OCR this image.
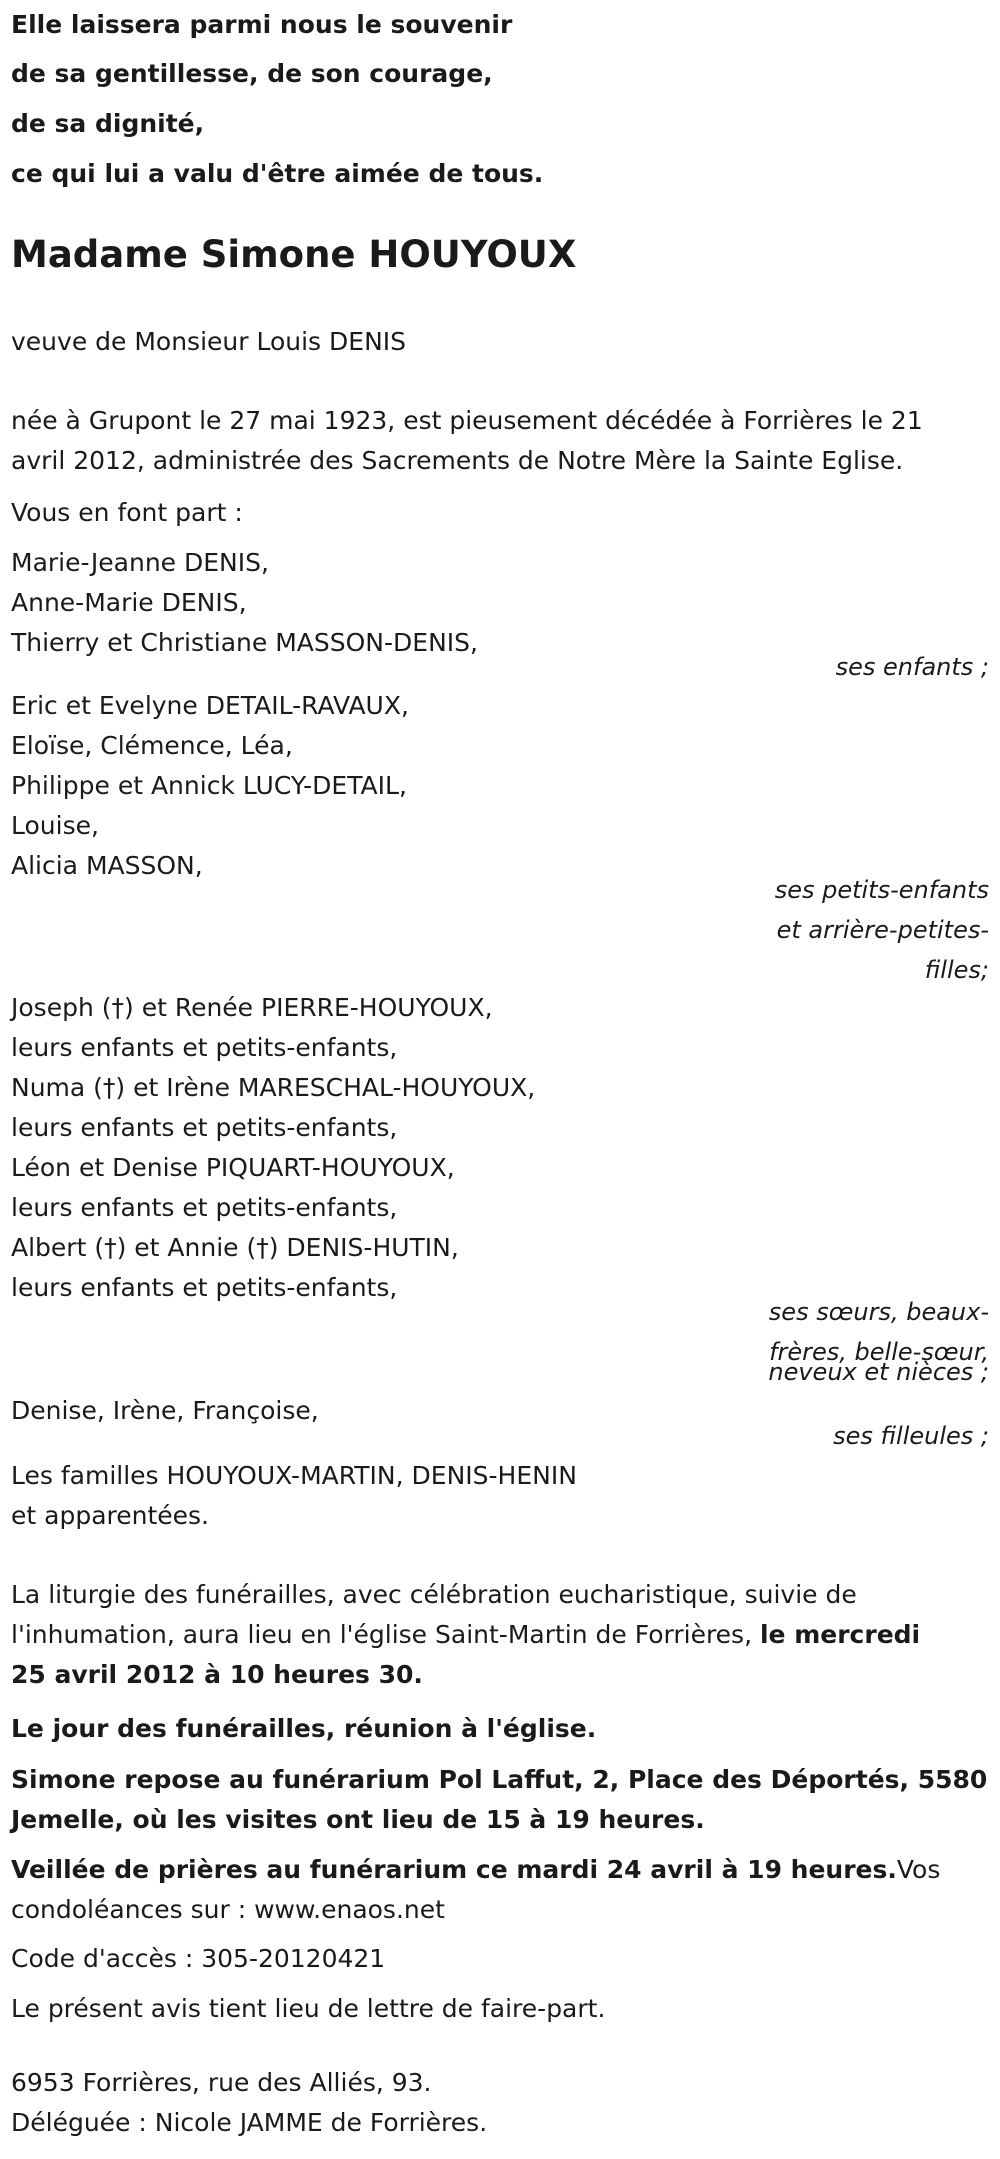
Elle laissera parmi nous le souvenir
de sa gentillesse, de son courage,
de sa dignité,
ce qui lui a valu d'être aimée de tous.
Madame Simone HOUYOUX
veuve de Monsieur Louis DENIS
née à Grupont le 27 mai 1923, est pieusement décédée à Forrières le 21
avril 2012, administrée des Sacrements de Notre Mère la Sainte Eglise.
Vous en font part :
Marie-Jeanne DENIS,
Anne-Marie DENIS,
Thierry et Christiane MASSON-DENIS,
ses enfants ;
Eric et Evelyne DETAIL-RAVAUX,
Eloïse, Clémence, Léa,
Philippe et Annick LUCY-DETAIL,
Louise,
Alicia MASSON,
ses petits-enfants
et arrière-petites-
filles;
Joseph (†) et Renée PIERRE-HOUYOUX,
leurs enfants et petits-enfants,
Numa (†) et Irène MARESCHAL-HOUYOUX,
leurs enfants et petits-enfants,
Léon et Denise PIQUART-HOUYOUX,
leurs enfants et petits-enfants,
Albert (†) et Annie (†) DENIS-HUTIN,
leurs enfants et petits-enfants,
ses sœurs, beaux-
frères, belle-sœur,
neveux et nièces ;
Denise, Irène, Françoise,
ses filleules ;
Les familles HOUYOUX-MARTIN, DENIS-HENIN
et apparentées.
La liturgie des funérailles, avec célébration eucharistique, suivie de
l'inhumation, aura lieu en l'église Saint-Martin de Forrières, le mercredi
25 avril 2012 à 10 heures 30.
Le jour des funérailles, réunion à l'église.
Simone repose au funérarium Pol Laffut, 2, Place des Déportés, 5580
Jemelle, où les visites ont lieu de 15 à 19 heures.
Veillée de prières au funérarium ce mardi 24 avril à 19 heures.Vos
condoléances sur : www.enaos.net
Code d'accès : 305-20120421
Le présent avis tient lieu de lettre de faire-part.
6953 Forrières, rue des Alliés, 93.
Déléguée : Nicole JAMME de Forrières.
